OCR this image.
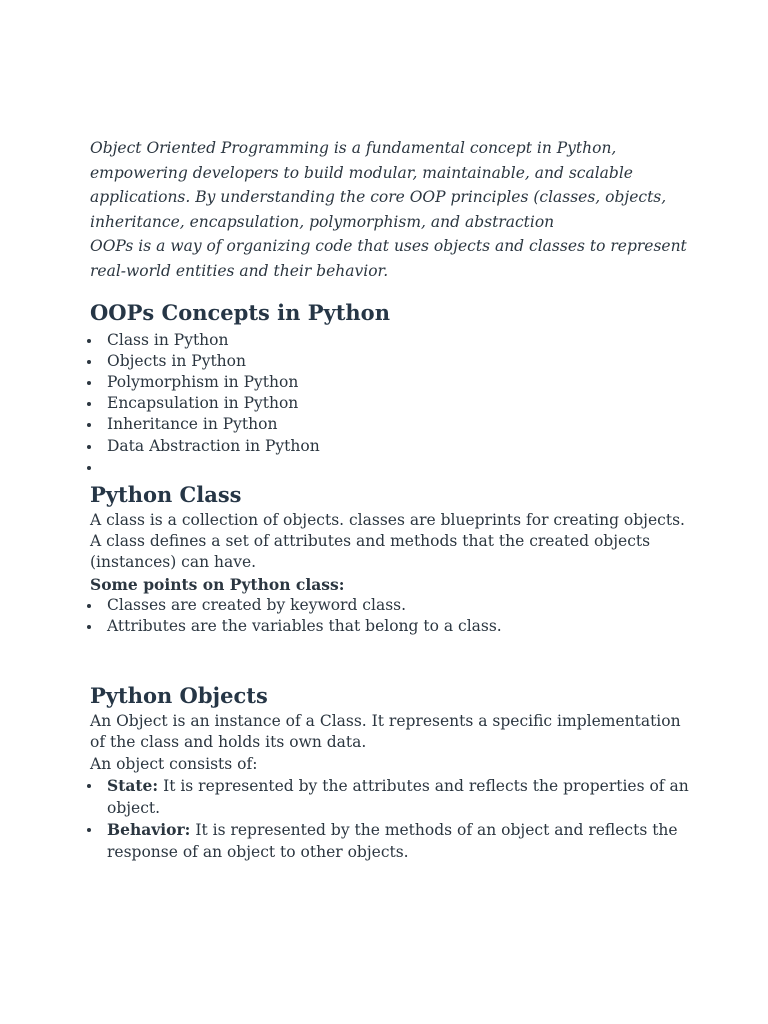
Object Oriented Programming is a fundamental concept in Python, empowering developers to build modular, maintainable, and scalable applications. By understanding the core OOP principles (classes, objects, inheritance, encapsulation, polymorphism, and abstraction

OOPs is a way of organizing code that uses objects and classes to represent real-world entities and their behavior.

OOPs Concepts in Python
Class in Python
Objects in Python
Polymorphism in Python
Encapsulation in Python
Inheritance in Python
Data Abstraction in Python
Python Class

A class is a collection of objects. classes are blueprints for creating objects. A class defines a set of attributes and methods that the created objects (instances) can have.

Some points on Python class:

Classes are created by keyword class.
Attributes are the variables that belong to a class.
Python Objects

An Object is an instance of a Class. It represents a specific implementation of the class and holds its own data.

An object consists of:

State: It is represented by the attributes and reflects the properties of an object.
Behavior: It is represented by the methods of an object and reflects the response of an object to other objects.
